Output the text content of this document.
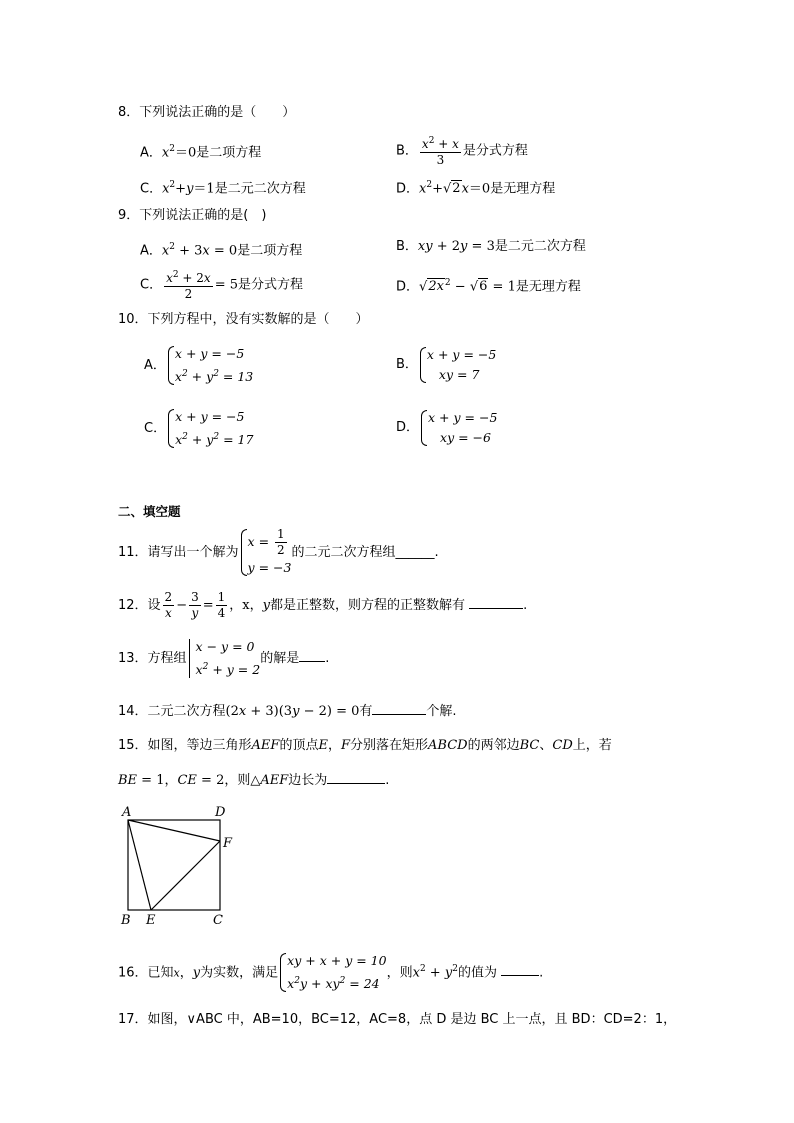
8．下列说法正确的是（　　）
A．$x^2=0$是二项方程	B． $\frac{x^2 + x}{3}$ 是分式方程
C．$x^2+y=1$是二元二次方程	D．$x^2+√2x=0$是无理方程
9．下列说法正确的是(　)
A．$x^2 + 3x = 0$是二项方程	B．xy + 2y = 3是二元二次方程
C． $\frac{x^2 + 2x}{2} = 5$是分式方程	D．$√2x^2 - √6 = 1$是无理方程
10．下列方程中，没有实数解的是（　　）
A．
x + y = −5
$x^2 + y^2 = 13$
B．
x + y = −5
xy = 7
C．
x + y = −5
$x^2 + y^2 = 17$
D．
x + y = −5
xy = −6
二、填空题
11．请写出一个解为
$x = \frac{1}{2}$
y = −3
的二元二次方程组______.
12．设 $\frac{2}{x} - \frac{3}{y} = \frac{1}{4}$ ，x，y都是正整数，则方程的正整数解有	.
13．方程组
x − y = 0
$x^2 + y = 2$
的解是 .
14．二元二次方程(2x + 3)(3y − 2) = 0有	个解.
15．如图，等边三角形AEF的顶点E，F分别落在矩形ABCD的两邻边BC、CD上，若
BE = 1，CE = 2，则△AEF边长为	.
A	D
F
B E	C
16．已知x，y为实数，满足
xy + x + y = 10
$x^2y + xy^2 = 24$
，则$x^2 + y^2$的值为	.
17．如图，∨ABC 中，AB=10，BC=12，AC=8，点 D 是边 BC 上一点，且 BD：CD=2：1，
